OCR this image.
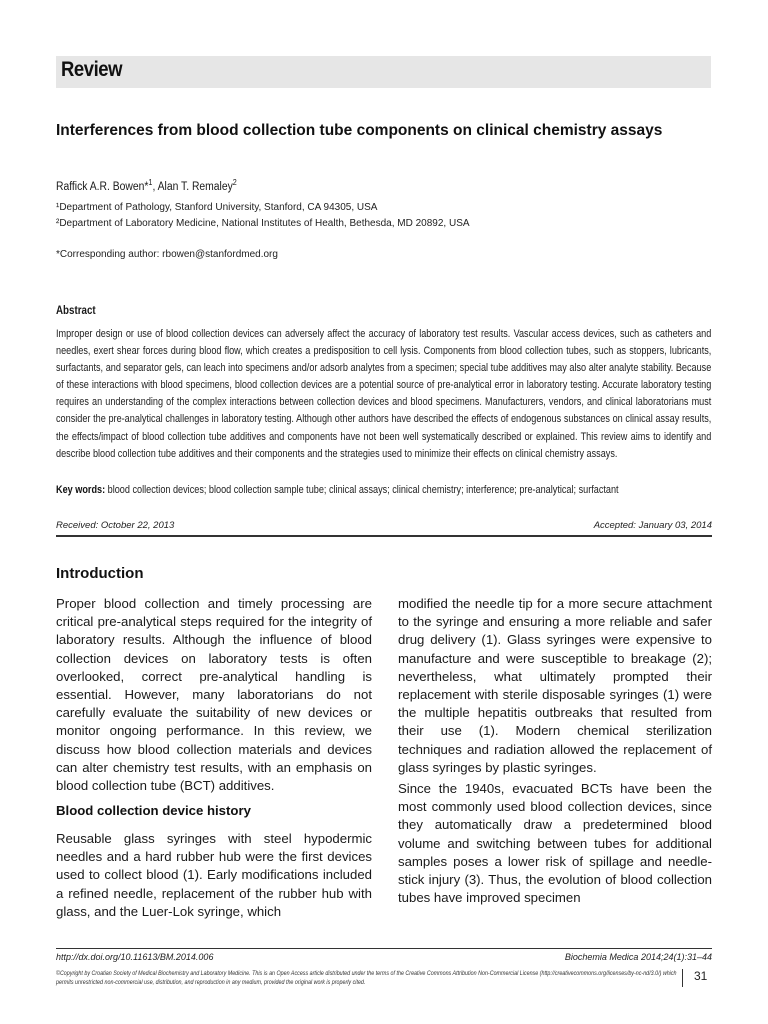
Review
Interferences from blood collection tube components on clinical chemistry assays
Raffick A.R. Bowen*$^1$, Alan T. Remaley$^2$
¹Department of Pathology, Stanford University, Stanford, CA 94305, USA
²Department of Laboratory Medicine, National Institutes of Health, Bethesda, MD 20892, USA
*Corresponding author: rbowen@stanfordmed.org
Abstract
Improper design or use of blood collection devices can adversely affect the accuracy of laboratory test results. Vascular access devices, such as catheters and needles, exert shear forces during blood flow, which creates a predisposition to cell lysis. Components from blood collection tubes, such as stoppers, lubricants, surfactants, and separator gels, can leach into specimens and/or adsorb analytes from a specimen; special tube additives may also alter analyte stability. Because of these interactions with blood specimens, blood collection devices are a potential source of pre-analytical error in laboratory testing. Accurate laboratory testing requires an understanding of the complex interactions between collection devices and blood specimens. Manufacturers, vendors, and clinical laboratorians must consider the pre-analytical challenges in laboratory testing. Although other authors have described the effects of endogenous substances on clinical assay results, the effects/impact of blood collection tube additives and components have not been well systematically described or explained. This review aims to identify and describe blood collection tube additives and their components and the strategies used to minimize their effects on clinical chemistry assays.
Key words: blood collection devices; blood collection sample tube; clinical assays; clinical chemistry; interference; pre-analytical; surfactant
Received: October 22, 2013	Accepted: January 03, 2014
Introduction

Proper blood collection and timely processing are critical pre-analytical steps required for the integrity of laboratory results. Although the influence of blood collection devices on laboratory tests is often overlooked, correct pre-analytical handling is essential. However, many laboratorians do not carefully evaluate the suitability of new devices or monitor ongoing performance. In this review, we discuss how blood collection materials and devices can alter chemistry test results, with an emphasis on blood collection tube (BCT) additives.

Blood collection device history

Reusable glass syringes with steel hypodermic needles and a hard rubber hub were the first devices used to collect blood (1). Early modifications included a refined needle, replacement of the rubber hub with glass, and the Luer-Lok syringe, which

modified the needle tip for a more secure attachment to the syringe and ensuring a more reliable and safer drug delivery (1). Glass syringes were expensive to manufacture and were susceptible to breakage (2); nevertheless, what ultimately prompted their replacement with sterile disposable syringes (1) were the multiple hepatitis outbreaks that resulted from their use (1). Modern chemical sterilization techniques and radiation allowed the replacement of glass syringes by plastic syringes.

Since the 1940s, evacuated BCTs have been the most commonly used blood collection devices, since they automatically draw a predetermined blood volume and switching between tubes for additional samples poses a lower risk of spillage and needle-stick injury (3). Thus, the evolution of blood collection tubes have improved specimen

http://dx.doi.org/10.11613/BM.2014.006	Biochemia Medica 2014;24(1):31–44
©Copyright by Croatian Society of Medical Biochemistry and Laboratory Medicine. This is an Open Access article distributed under the terms of the Creative Commons Attribution Non-Commercial License (http://creativecommons.org/licenses/by-nc-nd/3.0/) which permits unrestricted non-commercial use, distribution, and reproduction in any medium, provided the original work is properly cited.	31
